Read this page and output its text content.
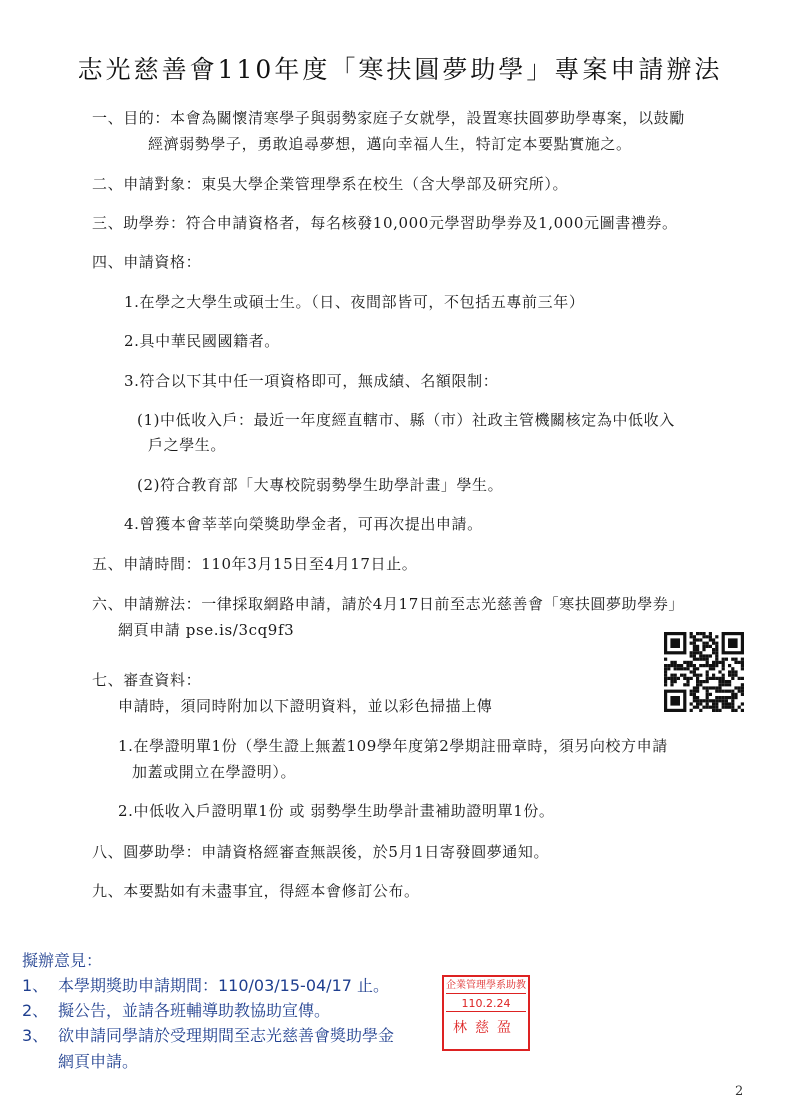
志光慈善會110年度「寒扶圓夢助學」專案申請辦法
一、目的：本會為關懷清寒學子與弱勢家庭子女就學，設置寒扶圓夢助學專案，以鼓勵
經濟弱勢學子，勇敢追尋夢想，邁向幸福人生，特訂定本要點實施之。
二、申請對象：東吳大學企業管理學系在校生（含大學部及研究所）。
三、助學券：符合申請資格者，每名核發10,000元學習助學券及1,000元圖書禮券。
四、申請資格：
1.在學之大學生或碩士生。（日、夜間部皆可，不包括五專前三年）
2.具中華民國國籍者。
3.符合以下其中任一項資格即可，無成績、名額限制：
(1)中低收入戶：最近一年度經直轄市、縣（市）社政主管機關核定為中低收入
戶之學生。
(2)符合教育部「大專校院弱勢學生助學計畫」學生。
4.曾獲本會莘莘向榮獎助學金者，可再次提出申請。
五、申請時間：110年3月15日至4月17日止。
六、申請辦法：一律採取網路申請，請於4月17日前至志光慈善會「寒扶圓夢助學券」
網頁申請 pse.is/3cq9f3
七、審查資料：
申請時，須同時附加以下證明資料，並以彩色掃描上傳
1.在學證明單1份（學生證上無蓋109學年度第2學期註冊章時，須另向校方申請
加蓋或開立在學證明）。
2.中低收入戶證明單1份 或 弱勢學生助學計畫補助證明單1份。
八、圓夢助學：申請資格經審查無誤後，於5月1日寄發圓夢通知。
九、本要點如有未盡事宜，得經本會修訂公布。
擬辦意見：
1、 本學期獎助申請期間：110/03/15-04/17 止。
2、 擬公告，並請各班輔導助教協助宣傳。
3、 欲申請同學請於受理期間至志光慈善會獎助學金
網頁申請。
企業管理學系助教
110.2.24
林慈盈
2
